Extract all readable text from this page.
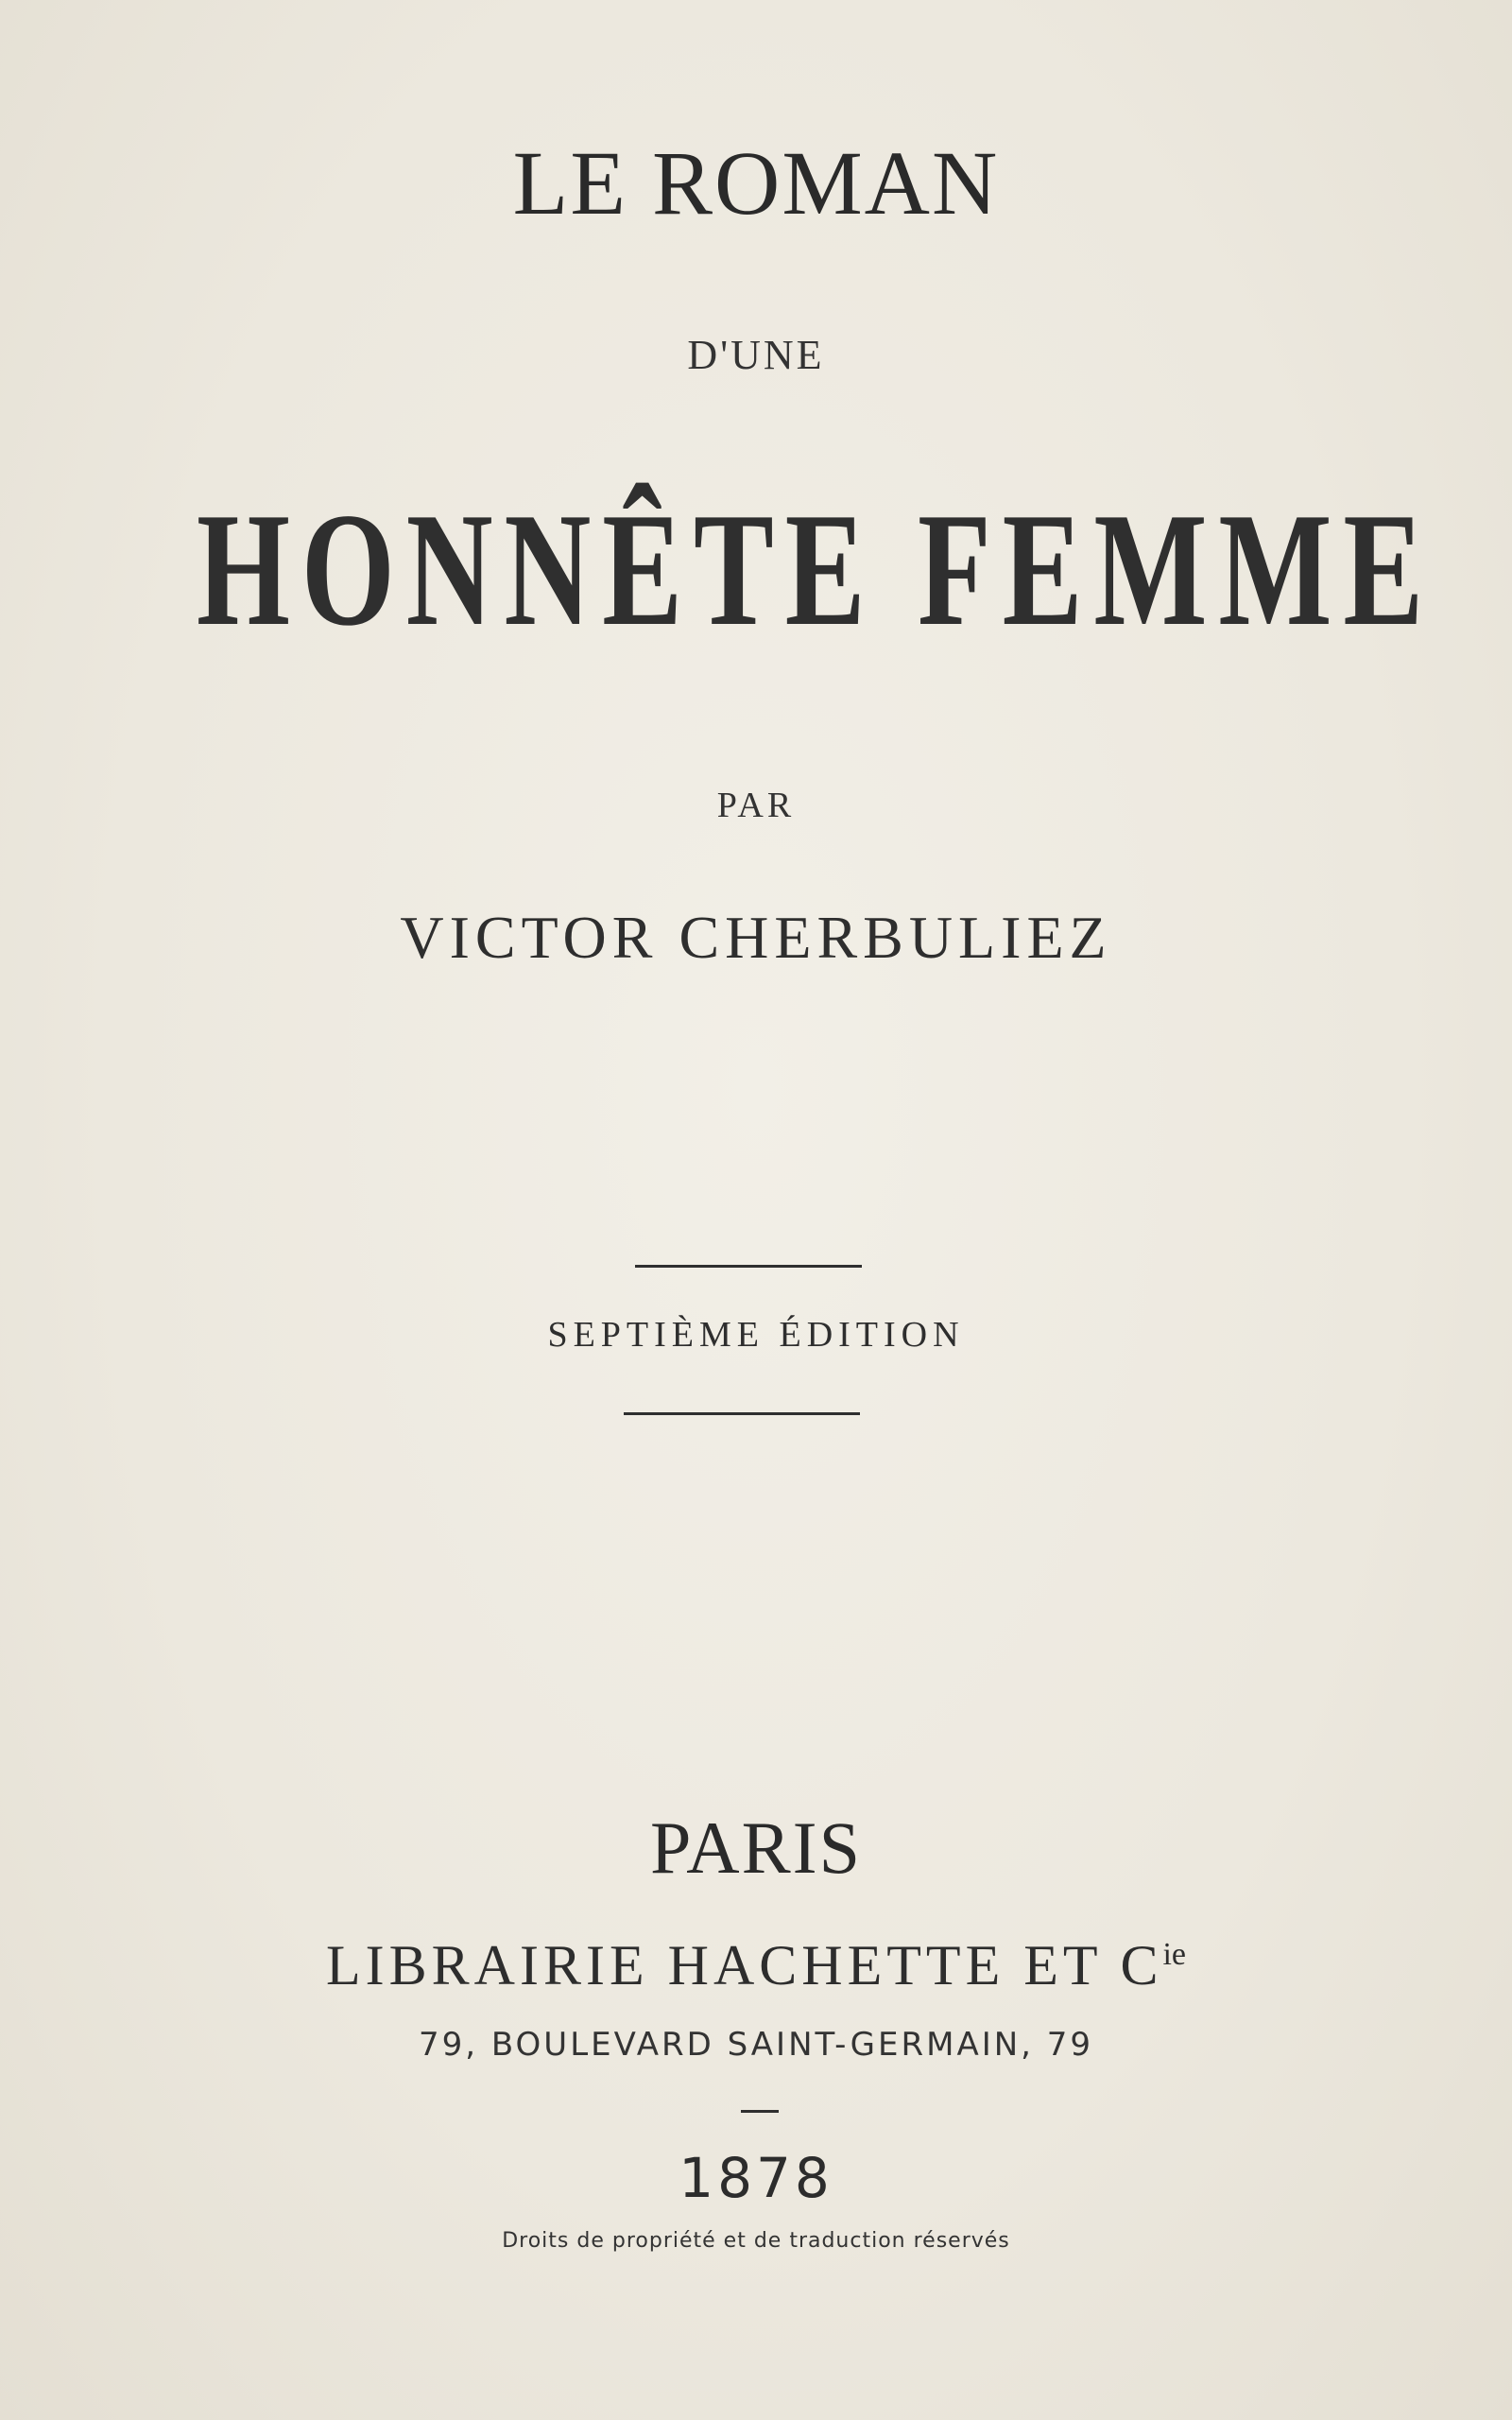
LE ROMAN
D'UNE
HONNÊTE FEMME
PAR
VICTOR CHERBULIEZ
SEPTIÈME ÉDITION
PARIS
LIBRAIRIE HACHETTE ET $C^{ie}$
79, BOULEVARD SAINT-GERMAIN, 79
1878
Droits de propriété et de traduction réservés
